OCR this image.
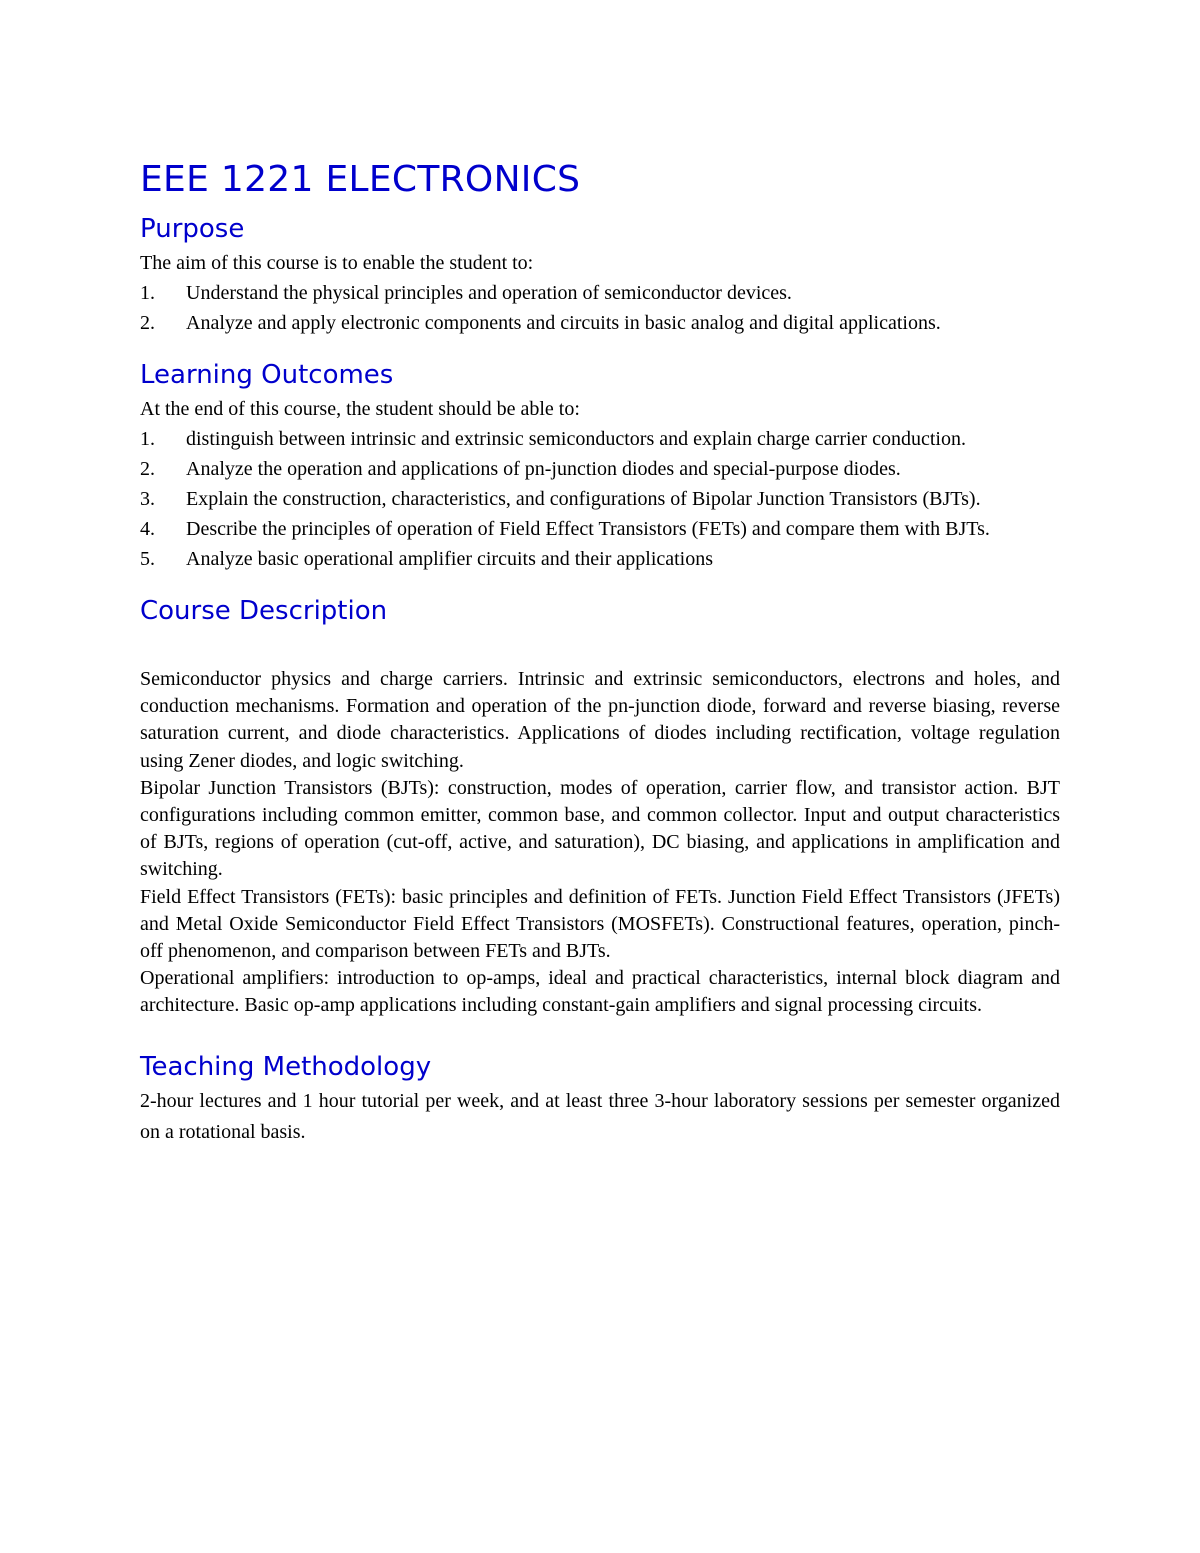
EEE 1221 ELECTRONICS
Purpose

The aim of this course is to enable the student to:

1. Understand the physical principles and operation of semiconductor devices.
2. Analyze and apply electronic components and circuits in basic analog and digital applications.
Learning Outcomes

At the end of this course, the student should be able to:

1. distinguish between intrinsic and extrinsic semiconductors and explain charge carrier conduction.
2. Analyze the operation and applications of pn-junction diodes and special-purpose diodes.
3. Explain the construction, characteristics, and configurations of Bipolar Junction Transistors (BJTs).
4. Describe the principles of operation of Field Effect Transistors (FETs) and compare them with BJTs.
5. Analyze basic operational amplifier circuits and their applications
Course Description

Semiconductor physics and charge carriers. Intrinsic and extrinsic semiconductors, electrons and holes, and conduction mechanisms. Formation and operation of the pn-junction diode, forward and reverse biasing, reverse saturation current, and diode characteristics. Applications of diodes including rectification, voltage regulation using Zener diodes, and logic switching.

Bipolar Junction Transistors (BJTs): construction, modes of operation, carrier flow, and transistor action. BJT configurations including common emitter, common base, and common collector. Input and output characteristics of BJTs, regions of operation (cut-off, active, and saturation), DC biasing, and applications in amplification and switching.

Field Effect Transistors (FETs): basic principles and definition of FETs. Junction Field Effect Transistors (JFETs) and Metal Oxide Semiconductor Field Effect Transistors (MOSFETs). Constructional features, operation, pinch-off phenomenon, and comparison between FETs and BJTs.

Operational amplifiers: introduction to op-amps, ideal and practical characteristics, internal block diagram and architecture. Basic op-amp applications including constant-gain amplifiers and signal processing circuits.

Teaching Methodology

2-hour lectures and 1 hour tutorial per week, and at least three 3-hour laboratory sessions per semester organized on a rotational basis.
